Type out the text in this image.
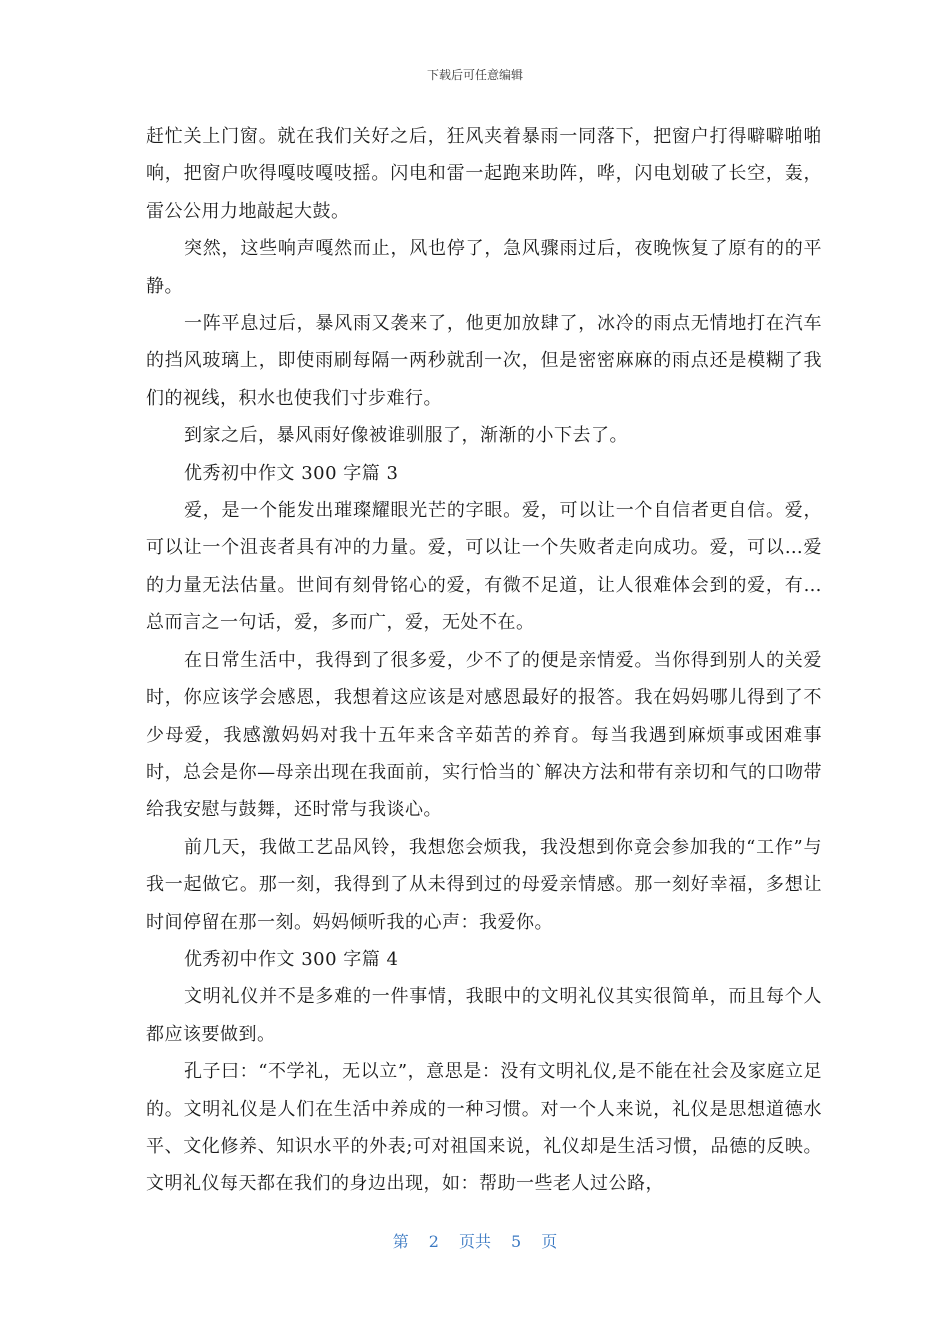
下载后可任意编辑

赶忙关上门窗。就在我们关好之后，狂风夹着暴雨一同落下，把窗户打得噼噼啪啪响，把窗户吹得嘎吱嘎吱摇。闪电和雷一起跑来助阵，哗，闪电划破了长空，轰，雷公公用力地敲起大鼓。

突然，这些响声嘎然而止，风也停了，急风骤雨过后，夜晚恢复了原有的的平静。

一阵平息过后，暴风雨又袭来了，他更加放肆了，冰冷的雨点无情地打在汽车的挡风玻璃上，即使雨刷每隔一两秒就刮一次，但是密密麻麻的雨点还是模糊了我们的视线，积水也使我们寸步难行。

到家之后，暴风雨好像被谁驯服了，渐渐的小下去了。

优秀初中作文 300 字篇 3

爱，是一个能发出璀璨耀眼光芒的字眼。爱，可以让一个自信者更自信。爱，可以让一个沮丧者具有冲的力量。爱，可以让一个失败者走向成功。爱，可以…爱的力量无法估量。世间有刻骨铭心的爱，有微不足道，让人很难体会到的爱，有…总而言之一句话，爱，多而广，爱，无处不在。

在日常生活中，我得到了很多爱，少不了的便是亲情爱。当你得到别人的关爱时，你应该学会感恩，我想着这应该是对感恩最好的报答。我在妈妈哪儿得到了不少母爱，我感激妈妈对我十五年来含辛茹苦的养育。每当我遇到麻烦事或困难事时，总会是你—母亲出现在我面前，实行恰当的`解决方法和带有亲切和气的口吻带给我安慰与鼓舞，还时常与我谈心。

前几天，我做工艺品风铃，我想您会烦我，我没想到你竟会参加我的“工作”与我一起做它。那一刻，我得到了从未得到过的母爱亲情感。那一刻好幸福，多想让时间停留在那一刻。妈妈倾听我的心声：我爱你。

优秀初中作文 300 字篇 4

文明礼仪并不是多难的一件事情，我眼中的文明礼仪其实很简单，而且每个人都应该要做到。

孔子曰：“不学礼，无以立”，意思是：没有文明礼仪,是不能在社会及家庭立足的。文明礼仪是人们在生活中养成的一种习惯。对一个人来说，礼仪是思想道德水平、文化修养、知识水平的外表;可对祖国来说，礼仪却是生活习惯，品德的反映。文明礼仪每天都在我们的身边出现，如：帮助一些老人过公路，

第 2 页共 5 页
